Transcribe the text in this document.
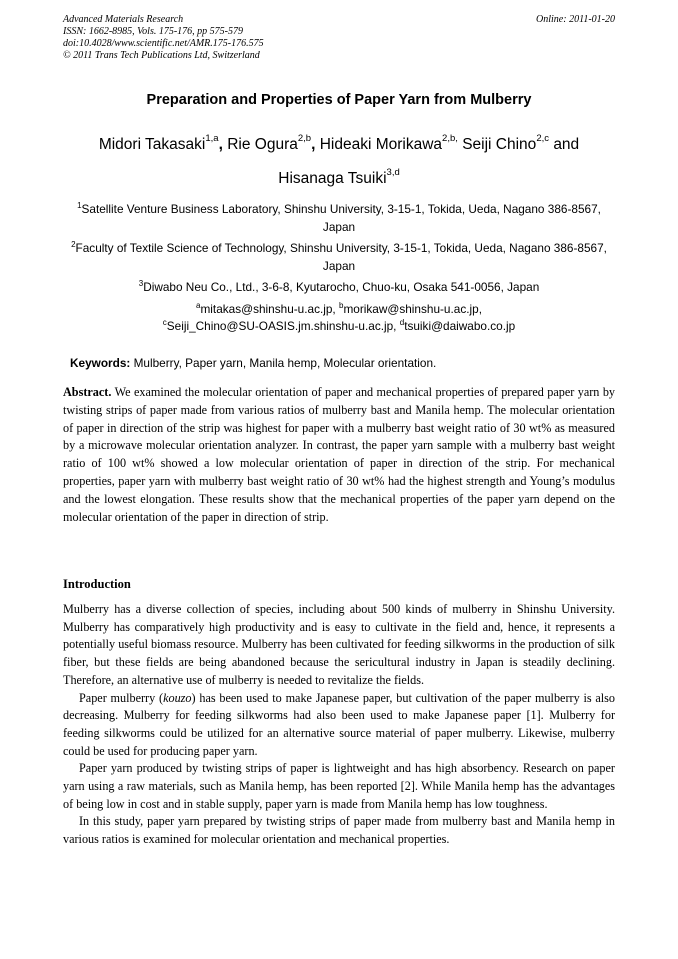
Advanced Materials Research
ISSN: 1662-8985, Vols. 175-176, pp 575-579
doi:10.4028/www.scientific.net/AMR.175-176.575
© 2011 Trans Tech Publications Ltd, Switzerland
Online: 2011-01-20
Preparation and Properties of Paper Yarn from Mulberry
Midori Takasaki$^{1,a}$, Rie Ogura$^{2,b}$, Hideaki Morikawa$^{2,b,}$ Seiji Chino$^{2,c}$ and
Hisanaga Tsuiki$^{3,d}$
$^1$Satellite Venture Business Laboratory, Shinshu University, 3-15-1, Tokida, Ueda, Nagano 386-8567, Japan
$^2$Faculty of Textile Science of Technology, Shinshu University, 3-15-1, Tokida, Ueda, Nagano 386-8567, Japan
$^3$Diwabo Neu Co., Ltd., 3-6-8, Kyutarocho, Chuo-ku, Osaka 541-0056, Japan
$^a$mitakas@shinshu-u.ac.jp, $^b$morikaw@shinshu-u.ac.jp,
$^c$Seiji_Chino@SU-OASIS.jm.shinshu-u.ac.jp, $^d$tsuiki@daiwabo.co.jp
Keywords: Mulberry, Paper yarn, Manila hemp, Molecular orientation.
Abstract. We examined the molecular orientation of paper and mechanical properties of prepared paper yarn by twisting strips of paper made from various ratios of mulberry bast and Manila hemp. The molecular orientation of paper in direction of the strip was highest for paper with a mulberry bast weight ratio of 30 wt% as measured by a microwave molecular orientation analyzer. In contrast, the paper yarn sample with a mulberry bast weight ratio of 100 wt% showed a low molecular orientation of paper in direction of the strip. For mechanical properties, paper yarn with mulberry bast weight ratio of 30 wt% had the highest strength and Young’s modulus and the lowest elongation. These results show that the mechanical properties of the paper yarn depend on the molecular orientation of the paper in direction of strip.
Introduction

Mulberry has a diverse collection of species, including about 500 kinds of mulberry in Shinshu University. Mulberry has comparatively high productivity and is easy to cultivate in the field and, hence, it represents a potentially useful biomass resource. Mulberry has been cultivated for feeding silkworms in the production of silk fiber, but these fields are being abandoned because the sericultural industry in Japan is steadily declining. Therefore, an alternative use of mulberry is needed to revitalize the fields.

Paper mulberry (kouzo) has been used to make Japanese paper, but cultivation of the paper mulberry is also decreasing. Mulberry for feeding silkworms had also been used to make Japanese paper [1]. Mulberry for feeding silkworms could be utilized for an alternative source material of paper mulberry. Likewise, mulberry could be used for producing paper yarn.

Paper yarn produced by twisting strips of paper is lightweight and has high absorbency. Research on paper yarn using a raw materials, such as Manila hemp, has been reported [2]. While Manila hemp has the advantages of being low in cost and in stable supply, paper yarn is made from Manila hemp has low toughness.

In this study, paper yarn prepared by twisting strips of paper made from mulberry bast and Manila hemp in various ratios is examined for molecular orientation and mechanical properties.
